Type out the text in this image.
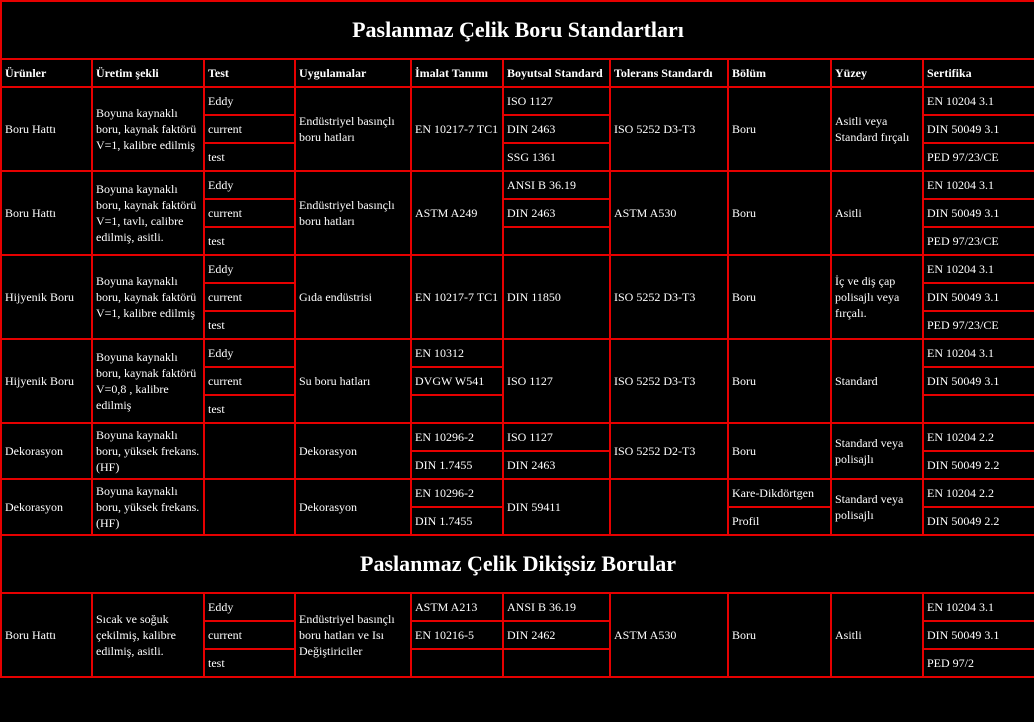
Paslanmaz Çelik Boru Standartları									
Ürünler	Üretim şekli	Test	Uygulamalar	İmalat Tanımı	Boyutsal Standard	Tolerans Standardı	Bölüm	Yüzey	Sertifika
Boru Hattı	Boyuna kaynaklı boru, kaynak faktörü V=1, kalibre edilmiş	Eddy	Endüstriyel basınçlı boru hatları	EN 10217-7 TC1	ISO 1127	ISO 5252 D3-T3	Boru	Asitli veya Standard fırçalı	EN 10204 3.1
		current			DIN 2463				DIN 50049 3.1
		test			SSG 1361				PED 97/23/CE
Boru Hattı	Boyuna kaynaklı boru, kaynak faktörü V=1, tavlı, calibre edilmiş, asitli.	Eddy	Endüstriyel basınçlı boru hatları	ASTM A249	ANSI B 36.19	ASTM A530	Boru	Asitli	EN 10204 3.1
		current			DIN 2463				DIN 50049 3.1
		test							PED 97/23/CE
Hijyenik Boru	Boyuna kaynaklı boru, kaynak faktörü V=1, kalibre edilmiş	Eddy	Gıda endüstrisi	EN 10217-7 TC1	DIN 11850	ISO 5252 D3-T3	Boru	İç ve diş çap polisajlı veya fırçalı.	EN 10204 3.1
		current							DIN 50049 3.1
		test							PED 97/23/CE
Hijyenik Boru	Boyuna kaynaklı boru, kaynak faktörü V=0,8 , kalibre edilmiş	Eddy	Su boru hatları	EN 10312	ISO 1127	ISO 5252 D3-T3	Boru	Standard	EN 10204 3.1
		current		DVGW W541					DIN 50049 3.1
		test							
Dekorasyon	Boyuna kaynaklı boru, yüksek frekans. (HF)		Dekorasyon	EN 10296-2	ISO 1127	ISO 5252 D2-T3	Boru	Standard veya polisajlı	EN 10204 2.2
				DIN 1.7455	DIN 2463				DIN 50049 2.2
Dekorasyon	Boyuna kaynaklı boru, yüksek frekans. (HF)		Dekorasyon	EN 10296-2	DIN 59411		Kare-Dikdörtgen	Standard veya polisajlı	EN 10204 2.2
				DIN 1.7455			Profil		DIN 50049 2.2
Paslanmaz Çelik Dikişsiz Borular									
Boru Hattı	Sıcak ve soğuk çekilmiş, kalibre edilmiş, asitli.	Eddy	Endüstriyel basınçlı boru hatları ve Isı Değiştiriciler	ASTM A213	ANSI B 36.19	ASTM A530	Boru	Asitli	EN 10204 3.1
		current		EN 10216-5	DIN 2462				DIN 50049 3.1
		test							PED 97/2
